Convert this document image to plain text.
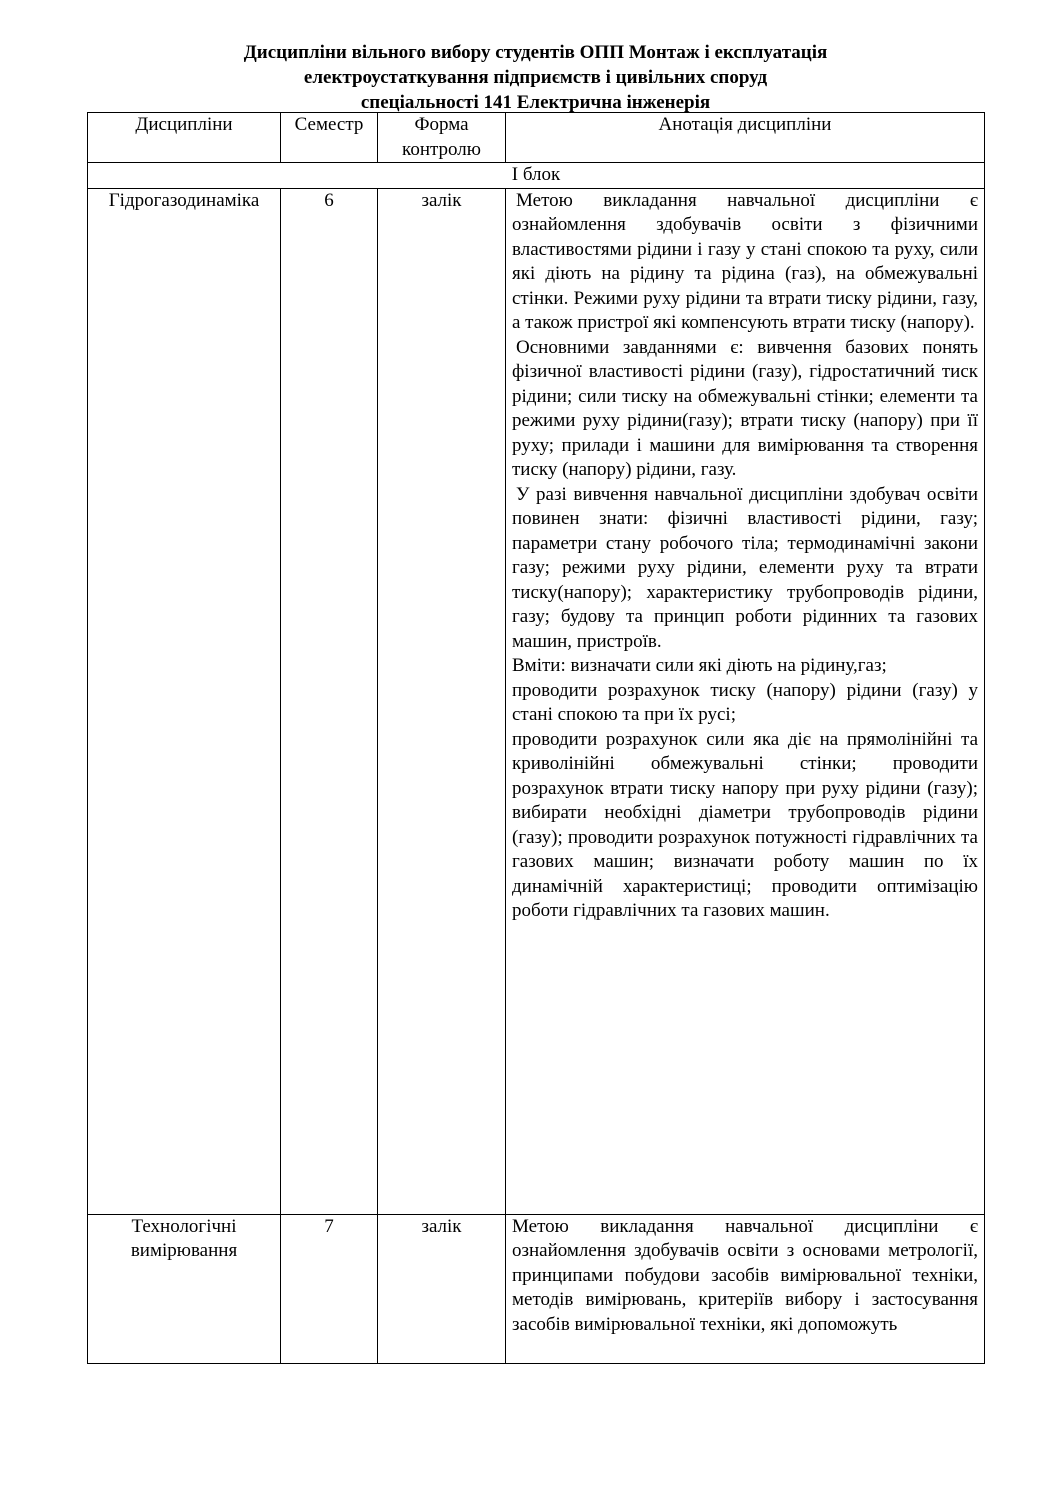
Дисципліни вільного вибору студентів ОПП Монтаж і експлуатація
електроустаткування підприємств і цивільних споруд
спеціальності 141 Електрична інженерія
Дисципліни	Семестр	Форма контролю	Анотація дисципліни
І блок			
Гідрогазодинаміка	6	залік	Метою викладання навчальної дисципліни є ознайомлення здобувачів освіти з фізичними властивостями рідини і газу у стані спокою та руху, сили які діють на рідину та рідина (газ), на обмежувальні стінки. Режими руху рідини та втрати тиску рідини, газу, а також пристрої які компенсують втрати тиску (напору).

Основними завданнями є: вивчення базових понять фізичної властивості рідини (газу), гідростатичний тиск рідини; сили тиску на обмежувальні стінки; елементи та режими руху рідини(газу); втрати тиску (напору) при її руху; прилади і машини для вимірювання та створення тиску (напору) рідини, газу.

У разі вивчення навчальної дисципліни здобувач освіти повинен знати: фізичні властивості рідини, газу; параметри стану робочого тіла; термодинамічні закони газу; режими руху рідини, елементи руху та втрати тиску(напору); характеристику трубопроводів рідини, газу; будову та принцип роботи рідинних та газових машин, пристроїв.

Вміти: визначати сили які діють на рідину,газ;

проводити розрахунок тиску (напору) рідини (газу) у стані спокою та при їх русі;

проводити розрахунок сили яка діє на прямолінійні та криволінійні обмежувальні стінки; проводити розрахунок втрати тиску напору при руху рідини (газу); вибирати необхідні діаметри трубопроводів рідини (газу); проводити розрахунок потужності гідравлічних та газових машин; визначати роботу машин по їх динамічній характеристиці; проводити оптимізацію роботи гідравлічних та газових машин.

Технологічні вимірювання	7	залік	Метою викладання навчальної дисципліни є ознайомлення здобувачів освіти з основами метрології, принципами побудови засобів вимірювальної техніки, методів вимірювань, критеріїв вибору і застосування засобів вимірювальної техніки, які допоможуть
